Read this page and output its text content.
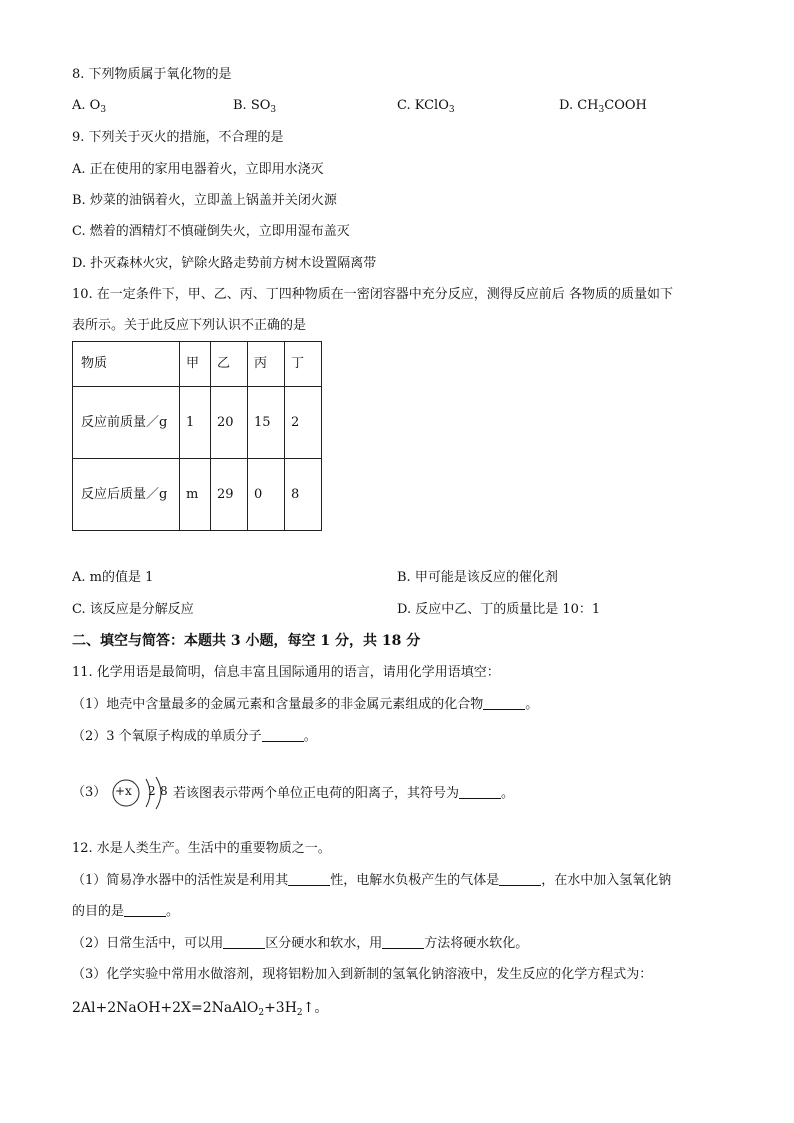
8. 下列物质属于氧化物的是
A. $O_3$	B. $SO_3$	C. KClO$_3$	D. $CH_3COOH$
9. 下列关于灭火的措施，不合理的是
A. 正在使用的家用电器着火，立即用水浇灭
B. 炒菜的油锅着火，立即盖上锅盖并关闭火源
C. 燃着的酒精灯不慎碰倒失火，立即用湿布盖灭
D. 扑灭森林火灾，铲除火路走势前方树木设置隔离带
10. 在一定条件下，甲、乙、丙、丁四种物质在一密闭容器中充分反应，测得反应前后 各物质的质量如下
表所示。关于此反应下列认识不正确的是
物质	甲	乙	丙	丁
反应前质量／g	1	20	15	2
反应后质量／g	m	29	0	8
A. m的值是 1	B. 甲可能是该反应的催化剂
C. 该反应是分解反应	D. 反应中乙、丁的质量比是 10：1
二、填空与简答：本题共 3 小题，每空 1 分，共 18 分
11. 化学用语是最简明，信息丰富且国际通用的语言，请用化学用语填空：
（1）地壳中含量最多的金属元素和含量最多的非金属元素组成的化合物	。
（2）3 个氧原子构成的单质分子	。
（3） +x 2 8 若该图表示带两个单位正电荷的阳离子，其符号为	。
12. 水是人类生产。生活中的重要物质之一。
（1）简易净水器中的活性炭是利用其	性，电解水负极产生的气体是	，在水中加入氢氧化钠
的目的是	。
（2）日常生活中，可以用	区分硬水和软水，用	方法将硬水软化。
（3）化学实验中常用水做溶剂，现将铝粉加入到新制的氢氧化钠溶液中，发生反应的化学方程式为：
$2Al+2NaOH+2X=2NaAlO_2+3H_2↑$。
